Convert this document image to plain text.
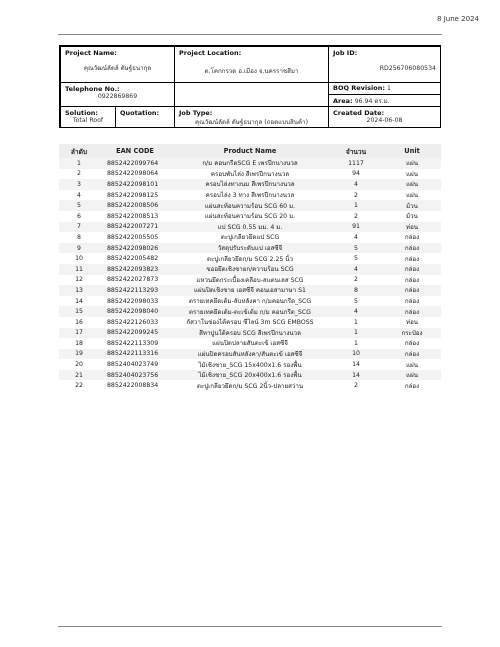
8 June 2024
Project Name:
คุณวัฒน์ลัดล์ ดัษฐ์ธนากุล
Project Location:
ต.โคกกรวด อ.เมือง จ.นครราชสีมา
Job ID:
RD256706080534
Telephone No.:
0922869869
BOQ Revision: 1
Area: 96.94 ตร.ม.
Solution:
Total Roof
Quotation:	Job Type:
คุณวัฒน์ลัดล์ ดัษฐ์ธนากุล (ถอดแบบสินค้า)
Created Date:
2024-06-08
ลำดับ	EAN CODE	Product Name	จำนวน	Unit
1	8852422099764	ก/ม คอนกรีตSCG E เพรปีกนางนวล	1117	แผ่น
2	8852422098064	ครอบพับไล่ง สีเพรปีกนางนวล	94	แผ่น
3	8852422098101	ครอบไล่งทางนม สีเพรปีกนางนวล	4	แผ่น
4	8852422098125	ครอบไล่ง 3 ทาง สีเพรปีกนางนวล	2	แผ่น
5	8852422008506	แผ่นสะท้อนความร้อน SCG 60 ม.	1	ม้วน
6	8852422008513	แผ่นสะท้อนความร้อน SCG 20 ม.	2	ม้วน
7	8852422007271	แป SCG 0.55 มม. 4 ม.	91	ท่อน
8	8852422005505	ตะปูเกลียวยึดแป SCG	4	กล่อง
9	8852422098026	วัสดุปรับระดับแป เอสซีจี	5	กล่อง
10	8852422005482	ตะปูเกลียวยึดก/ม SCG 2.25 นิ้ว	5	กล่อง
11	8852422093823	ขออยึดเชิงชายก/ความร้อน SCG	4	กล่อง
12	8852422027873	แหวนยึดกระเบื้องเคลือบ-สแตนเลส SCG	2	กล่อง
13	8852422113293	แผ่นปิดเชิงชาย เอสซีจี คอนเอสามาษา S1	8	กล่อง
14	8852422098033	ตรายเทคยึดเต้ม-ลับหลังคา ก/มคอนกรีต_SCG	5	กล่อง
15	8852422098040	ตรายเทคยึดเต้ม-ตะเข้เต้ม ก/ม คอนกรีต_SCG	4	กล่อง
16	8852422126033	กัสวาในช่องไต้ครอบ ซีไลน์ 3m SCG EMBOSS	1	ท่อน
17	8852422099245	สีทาปูนใต้ครอบ SCG สีเพรปีกนางนวล	1	กระป๋อง
18	8852422113309	แผ่นปิดปลายสันตะเข้ เอสซีจี	1	กล่อง
19	8852422113316	แผ่นปิดครอบสันหลังคา/สันตะเข้ เอสซีจี	10	กล่อง
20	8852404023749	ไม้เชิงชาย_SCG 15x400x1.6 รองพื้น	14	แผ่น
21	8852404023756	ไม้เชิงชาย_SCG 20x400x1.6 รองพื้น	14	แผ่น
22	8852422008834	ตะปูเกลียวยึดก/ม SCG 2นิ้ว-ปลายสว่าน	2	กล่อง
